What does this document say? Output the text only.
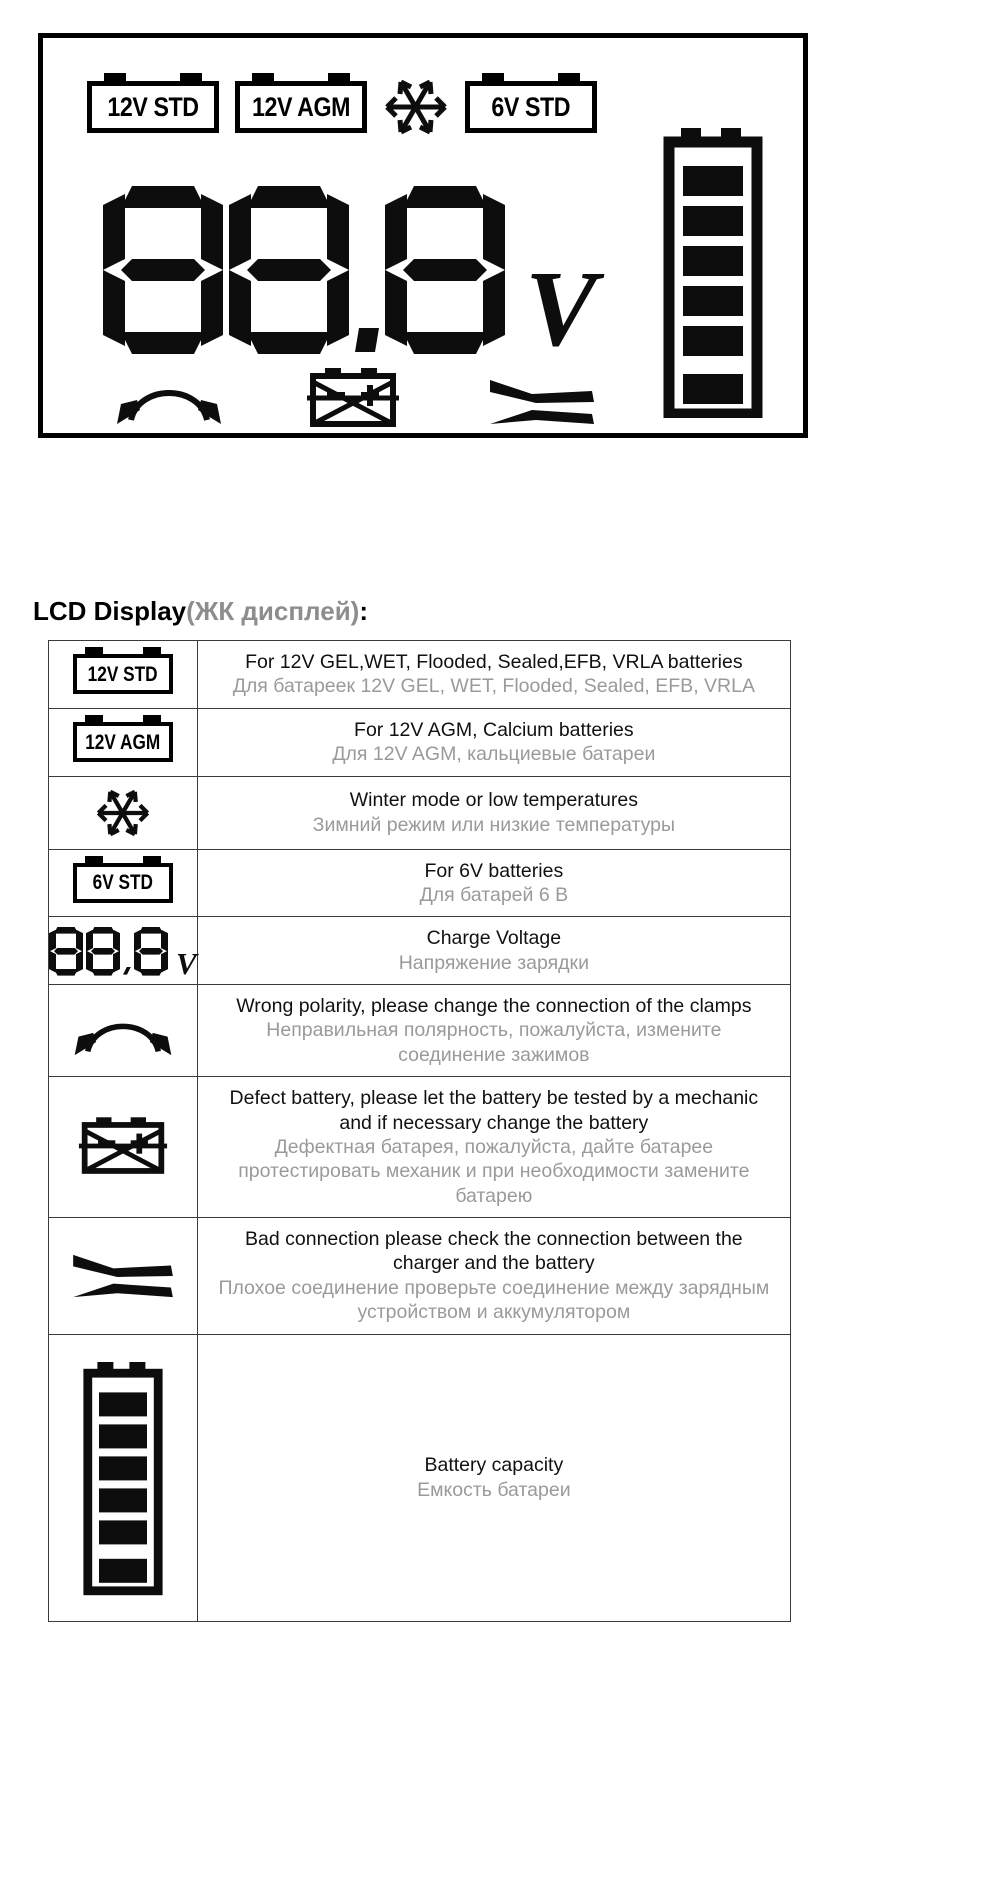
12V STD 12V AGM	6V STD
V
LCD Display(ЖК дисплей):
12V STD	For 12V GEL,WET, Flooded, Sealed,EFB, VRLA batteries
Для батареек 12V GEL, WET, Flooded, Sealed, EFB, VRLA

12V AGM	For 12V AGM, Calcium batteries
Для 12V AGM, кальциевые батареи

Winter mode or low temperatures
Зимний режим или низкие температуры

6V STD	For 6V batteries
Для батарей 6 В

V	Charge Voltage
Напряжение зарядки

Wrong polarity, please change the connection of the clamps
Неправильная полярность, пожалуйста, измените соединение зажимов

Defect battery, please let the battery be tested by a mechanic and if necessary change the battery
Дефектная батарея, пожалуйста, дайте батарее протестировать механик и при необходимости замените батарею

Bad connection please check the connection between the charger and the battery
Плохое соединение проверьте соединение между зарядным устройством и аккумулятором

Battery capacity
Емкость батареи
